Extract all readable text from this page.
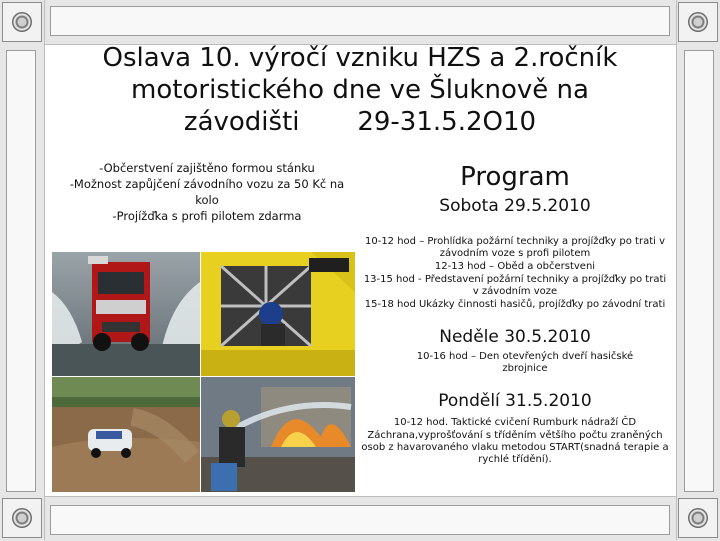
Oslava 10. výročí vzniku HZS a 2.ročník
motoristického dne ve Šluknově na
závodišti       29-31.5.2O10
-Občerstvení zajištěno formou stánku
-Možnost zapůjčení závodního vozu za 50 Kč na kolo
-Projížďka s profi pilotem zdarma
Program
Sobota 29.5.2010
10-12 hod – Prohlídka požární techniky a projížďky po trati v závodním voze s profi pilotem
12-13 hod – Oběd a občerstveni
13-15 hod - Představení požární techniky a projížďky po trati v závodním voze
15-18 hod Ukázky činnosti hasičů, projížďky po závodní trati
Neděle 30.5.2010
10-16 hod – Den otevřených dveří hasičské zbrojnice
Pondělí 31.5.2010
10-12 hod. Taktické cvičení Rumburk nádraží ČD
Záchrana,vyprošťování s tříděním většího počtu zraněných osob z havarovaného vlaku metodou START(snadná terapie a rychlé třídění).
